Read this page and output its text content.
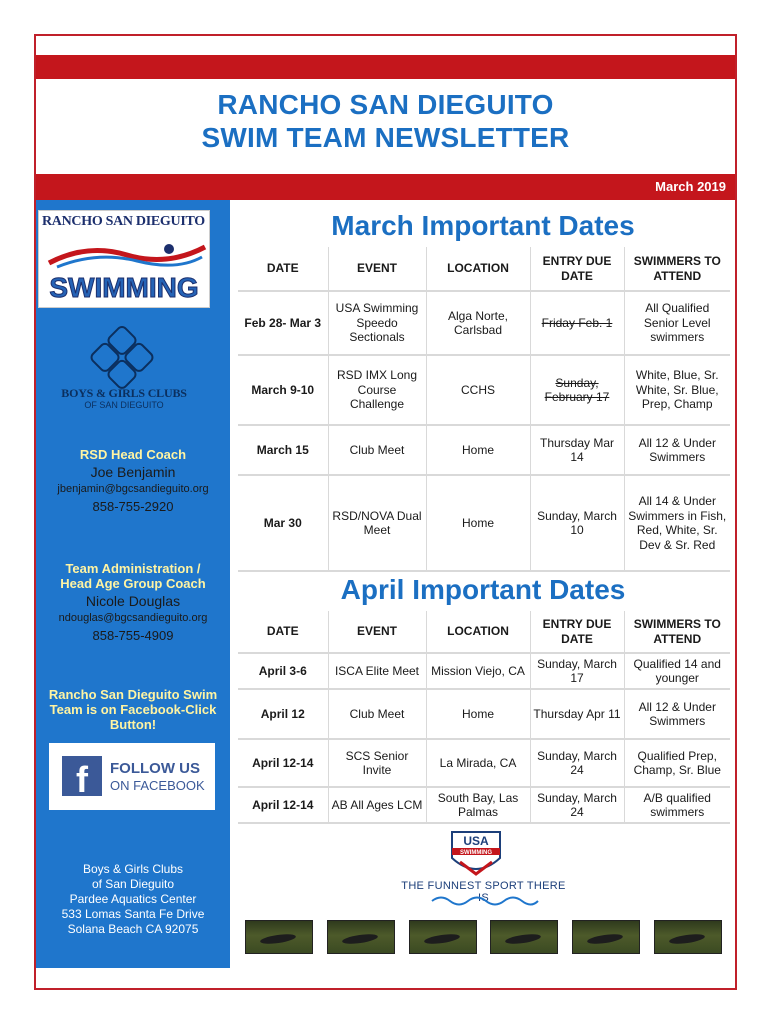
RANCHO SAN DIEGUITO
SWIM TEAM NEWSLETTER
March 2019
RANCHO SAN DIEGUITO
SWIMMING
BOYS & GIRLS CLUBS
OF SAN DIEGUITO
RSD Head Coach
Joe Benjamin
jbenjamin@bgcsandieguito.org
858-755-2920
Team Administration /
Head Age Group Coach
Nicole Douglas
ndouglas@bgcsandieguito.org
858-755-4909
Rancho San Dieguito Swim
Team is on Facebook-Click
Button!
f	FOLLOW US
ON FACEBOOK
Boys & Girls Clubs
of San Dieguito
Pardee Aquatics Center
533 Lomas Santa Fe Drive
Solana Beach CA 92075
March Important Dates
DATE	EVENT	LOCATION	ENTRY DUE DATE	SWIMMERS TO ATTEND
Feb 28- Mar 3	USA Swimming Speedo Sectionals	Alga Norte, Carlsbad	Friday Feb. 1	All Qualified Senior Level swimmers
March 9-10	RSD IMX Long Course Challenge	CCHS	Sunday, February 17	White, Blue, Sr. White, Sr. Blue, Prep, Champ
March 15	Club Meet	Home	Thursday Mar 14	All 12 & Under Swimmers
Mar 30	RSD/NOVA Dual Meet	Home	Sunday, March 10	All 14 & Under Swimmers in Fish, Red, White, Sr. Dev & Sr. Red
April Important Dates
DATE	EVENT	LOCATION	ENTRY DUE DATE	SWIMMERS TO ATTEND
April 3-6	ISCA Elite Meet	Mission Viejo, CA	Sunday, March 17	Qualified 14 and younger
April 12	Club Meet	Home	Thursday Apr 11	All 12 & Under Swimmers
April 12-14	SCS Senior Invite	La Mirada, CA	Sunday, March 24	Qualified Prep, Champ, Sr. Blue
April 12-14	AB All Ages LCM	South Bay, Las Palmas	Sunday, March 24	A/B qualified swimmers
USA
SWIMMING
THE FUNNEST SPORT THERE IS
